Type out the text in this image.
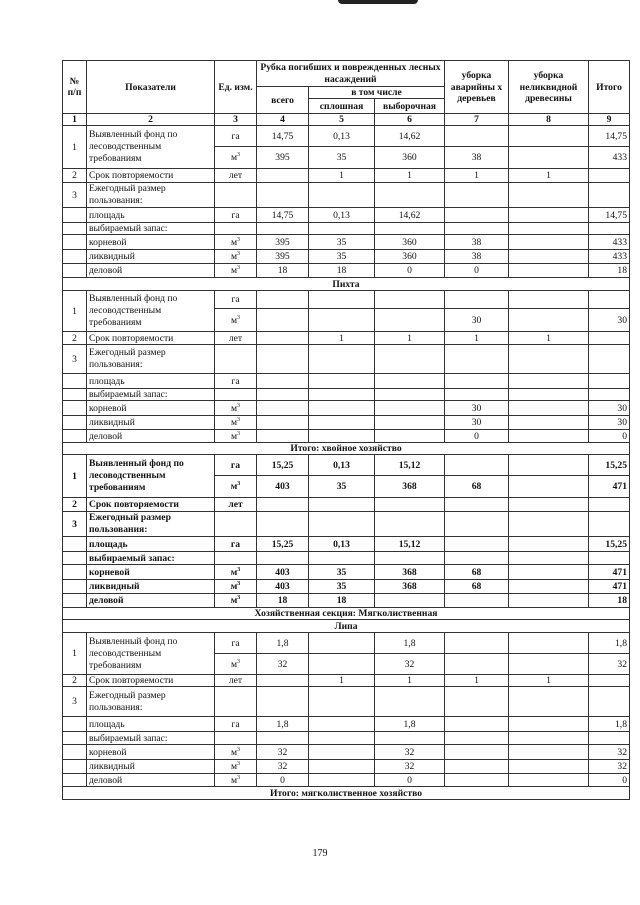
№ п/п	Показатели	Ед. изм.	Рубка погибших и поврежденных лесных насаждений			уборка аварийны х деревьев	уборка неликвидной древесины	Итого
			всего	в том числе				
				сплошная	выборочная			
1	2	3	4	5	6	7	8	9
1	Выявленный фонд по лесоводственным требованиям	га	14,75	0,13	14,62			14,75
		$м^3$	395	35	360	38		433
2	Срок повторяемости	лет		1	1	1	1	
3	Ежегодный размер пользования:							
	площадь	га	14,75	0,13	14,62			14,75
	выбираемый запас:							
	корневой	$м^3$	395	35	360	38		433
	ликвидный	$м^3$	395	35	360	38		433
	деловой	$м^3$	18	18	0	0		18
Пихта								
1	Выявленный фонд по лесоводственным требованиям	га						
		$м^3$				30		30
2	Срок повторяемости	лет		1	1	1	1	
3	Ежегодный размер пользования:							
	площадь	га						
	выбираемый запас:							
	корневой	$м^3$				30		30
	ликвидный	$м^3$				30		30
	деловой	$м^3$				0		0
Итого: хвойное хозяйство								
1	Выявленный фонд по лесоводственным требованиям	га	15,25	0,13	15,12			15,25
		$м^3$	403	35	368	68		471
2	Срок повторяемости	лет						
3	Ежегодный размер пользования:							
	площадь	га	15,25	0,13	15,12			15,25
	выбираемый запас:							
	корневой	$м^3$	403	35	368	68		471
	ликвидный	$м^3$	403	35	368	68		471
	деловой	$м^3$	18	18				18
Хозяйственная секция: Мягколиственная								
Липа								
1	Выявленный фонд по лесоводственным требованиям	га	1,8		1,8			1,8
		$м^3$	32		32			32
2	Срок повторяемости	лет		1	1	1	1	
3	Ежегодный размер пользования:							
	площадь	га	1,8		1,8			1,8
	выбираемый запас:							
	корневой	$м^3$	32		32			32
	ликвидный	$м^3$	32		32			32
	деловой	$м^3$	0		0			0
Итого: мягколиственное хозяйство								
179
